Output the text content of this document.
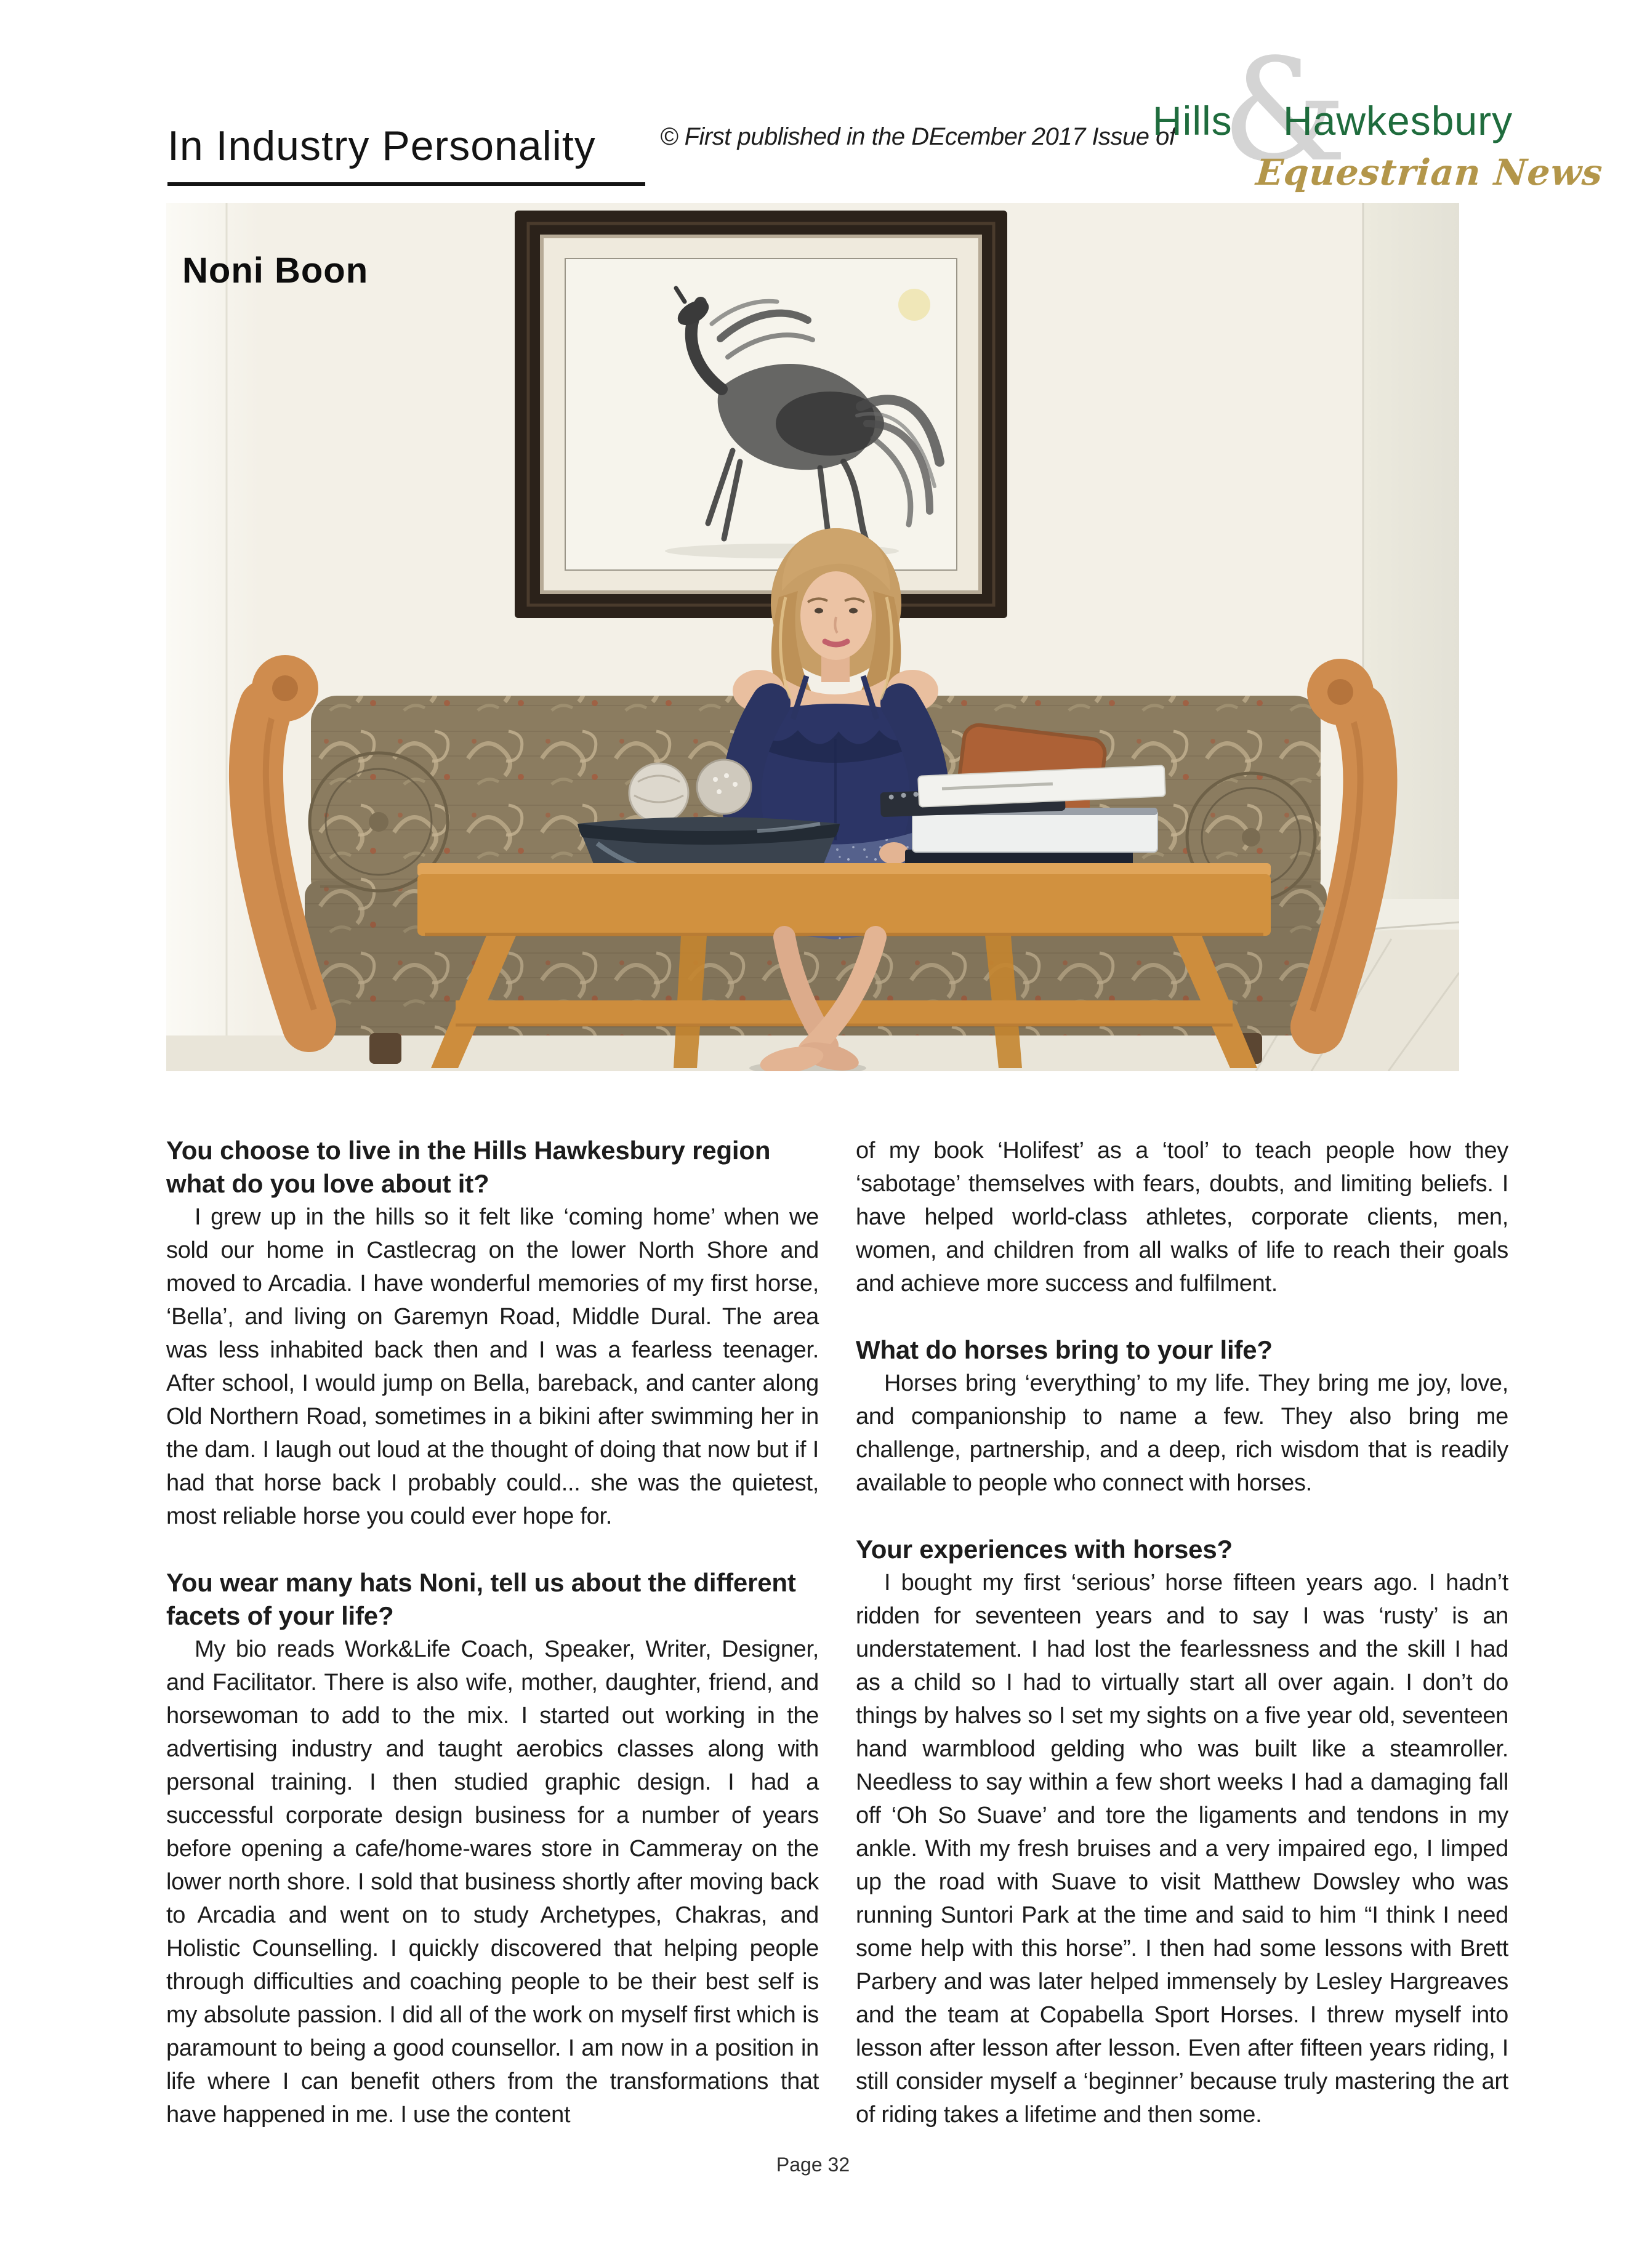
In Industry Personality	© First published in the DEcember 2017 Issue of &
Hills Hawkesbury
Equestrian News
Noni Boon
You choose to live in the Hills Hawkesbury region what do you love about it?

I grew up in the hills so it felt like ‘coming home’ when we sold our home in Castlecrag on the lower North Shore and moved to Arcadia. I have wonderful memories of my first horse, ‘Bella’, and living on Garemyn Road, Middle Dural. The area was less inhabited back then and I was a fearless teenager. After school, I would jump on Bella, bareback, and canter along Old Northern Road, sometimes in a bikini after swimming her in the dam. I laugh out loud at the thought of doing that now but if I had that horse back I probably could... she was the quietest, most reliable horse you could ever hope for.

You wear many hats Noni, tell us about the different facets of your life?

My bio reads Work&Life Coach, Speaker, Writer, Designer, and Facilitator. There is also wife, mother, daughter, friend, and horsewoman to add to the mix. I started out working in the advertising industry and taught aerobics classes along with personal training. I then studied graphic design. I had a successful corporate design business for a number of years before opening a cafe/home-wares store in Cammeray on the lower north shore. I sold that business shortly after moving back to Arcadia and went on to study Archetypes, Chakras, and Holistic Counselling. I quickly discovered that helping people through difficulties and coaching people to be their best self is my absolute passion. I did all of the work on myself first which is paramount to being a good counsellor. I am now in a position in life where I can benefit others from the transformations that have happened in me. I use the content

of my book ‘Holifest’ as a ‘tool’ to teach people how they ‘sabotage’ themselves with fears, doubts, and limiting beliefs. I have helped world-class athletes, corporate clients, men, women, and children from all walks of life to reach their goals and achieve more success and fulfilment.

What do horses bring to your life?

Horses bring ‘everything’ to my life. They bring me joy, love, and companionship to name a few. They also bring me challenge, partnership, and a deep, rich wisdom that is readily available to people who connect with horses.

Your experiences with horses?

I bought my first ‘serious’ horse fifteen years ago. I hadn’t ridden for seventeen years and to say I was ‘rusty’ is an understatement. I had lost the fearlessness and the skill I had as a child so I had to virtually start all over again. I don’t do things by halves so I set my sights on a five year old, seventeen hand warmblood gelding who was built like a steamroller. Needless to say within a few short weeks I had a damaging fall off ‘Oh So Suave’ and tore the ligaments and tendons in my ankle. With my fresh bruises and a very impaired ego, I limped up the road with Suave to visit Matthew Dowsley who was running Suntori Park at the time and said to him “I think I need some help with this horse”. I then had some lessons with Brett Parbery and was later helped immensely by Lesley Hargreaves and the team at Copabella Sport Horses. I threw myself into lesson after lesson after lesson. Even after fifteen years riding, I still consider myself a ‘beginner’ because truly mastering the art of riding takes a lifetime and then some.

Page 32
